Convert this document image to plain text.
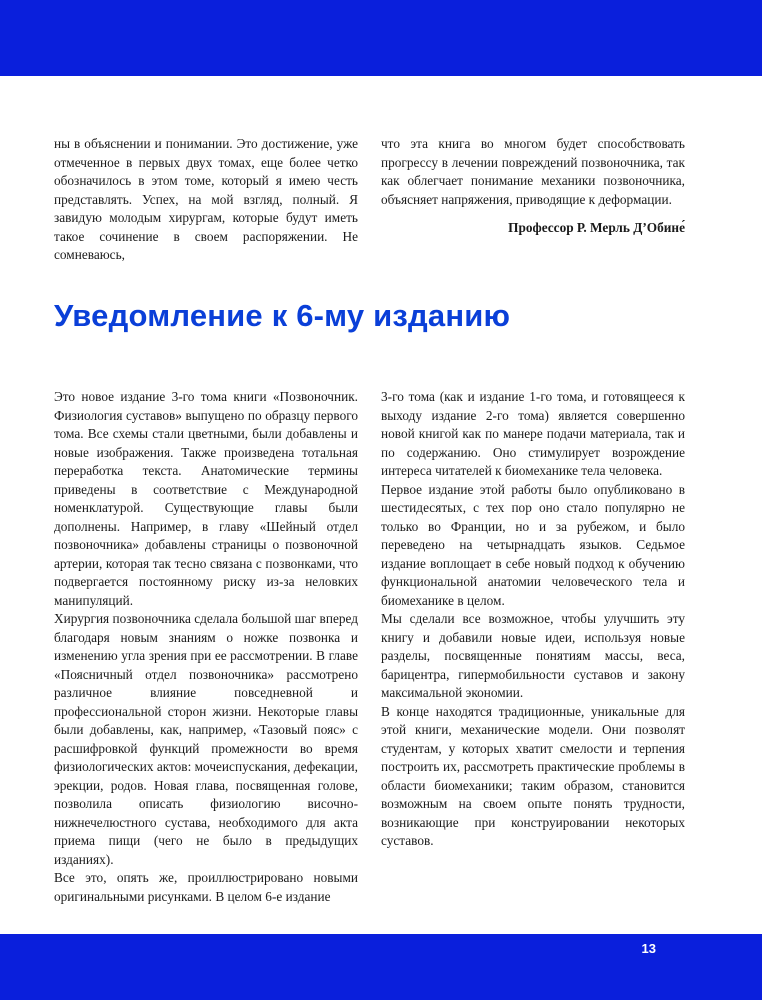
ны в объяснении и понимании. Это достижение, уже отмеченное в первых двух томах, еще более четко обозначилось в этом томе, который я имею честь представлять. Успех, на мой взгляд, полный. Я завидую молодым хирургам, которые будут иметь такое сочинение в своем распоряжении. Не сомневаюсь,

что эта книга во многом будет способствовать прогрессу в лечении повреждений позвоночника, так как облегчает понимание механики позвоночника, объясняет напряжения, приводящие к деформации.

Профессор Р. Мерль Д’Обине́

Уведомление к 6-му изданию

Это новое издание 3-го тома книги «Позвоночник. Физиология суставов» выпущено по образцу первого тома. Все схемы стали цветными, были добавлены и новые изображения. Также произведена тотальная переработка текста. Анатомические термины приведены в соответствие с Международной номенклатурой. Существующие главы были дополнены. Например, в главу «Шейный отдел позвоночника» добавлены страницы о позвоночной артерии, которая так тесно связана с позвонками, что подвергается постоянному риску из-за неловких манипуляций.

Хирургия позвоночника сделала большой шаг вперед благодаря новым знаниям о ножке позвонка и изменению угла зрения при ее рассмотрении. В главе «Поясничный отдел позвоночника» рассмотрено различное влияние повседневной и профессиональной сторон жизни. Некоторые главы были добавлены, как, например, «Тазовый пояс» с расшифровкой функций промежности во время физиологических актов: мочеиспускания, дефекации, эрекции, родов. Новая глава, посвященная голове, позволила описать физиологию височно-нижнечелюстного сустава, необходимого для акта приема пищи (чего не было в предыдущих изданиях).

Все это, опять же, проиллюстрировано новыми оригинальными рисунками. В целом 6-е издание

3-го тома (как и издание 1-го тома, и готовящееся к выходу издание 2-го тома) является совершенно новой книгой как по манере подачи материала, так и по содержанию. Оно стимулирует возрождение интереса читателей к биомеханике тела человека.

Первое издание этой работы было опубликовано в шестидесятых, с тех пор оно стало популярно не только во Франции, но и за рубежом, и было переведено на четырнадцать языков. Седьмое издание воплощает в себе новый подход к обучению функциональной анатомии человеческого тела и биомеханике в целом.

Мы сделали все возможное, чтобы улучшить эту книгу и добавили новые идеи, используя новые разделы, посвященные понятиям массы, веса, барицентра, гипермобильности суставов и закону максимальной экономии.

В конце находятся традиционные, уникальные для этой книги, механические модели. Они позволят студентам, у которых хватит смелости и терпения построить их, рассмотреть практические проблемы в области биомеханики; таким образом, становится возможным на своем опыте понять трудности, возникающие при конструировании некоторых суставов.

13
